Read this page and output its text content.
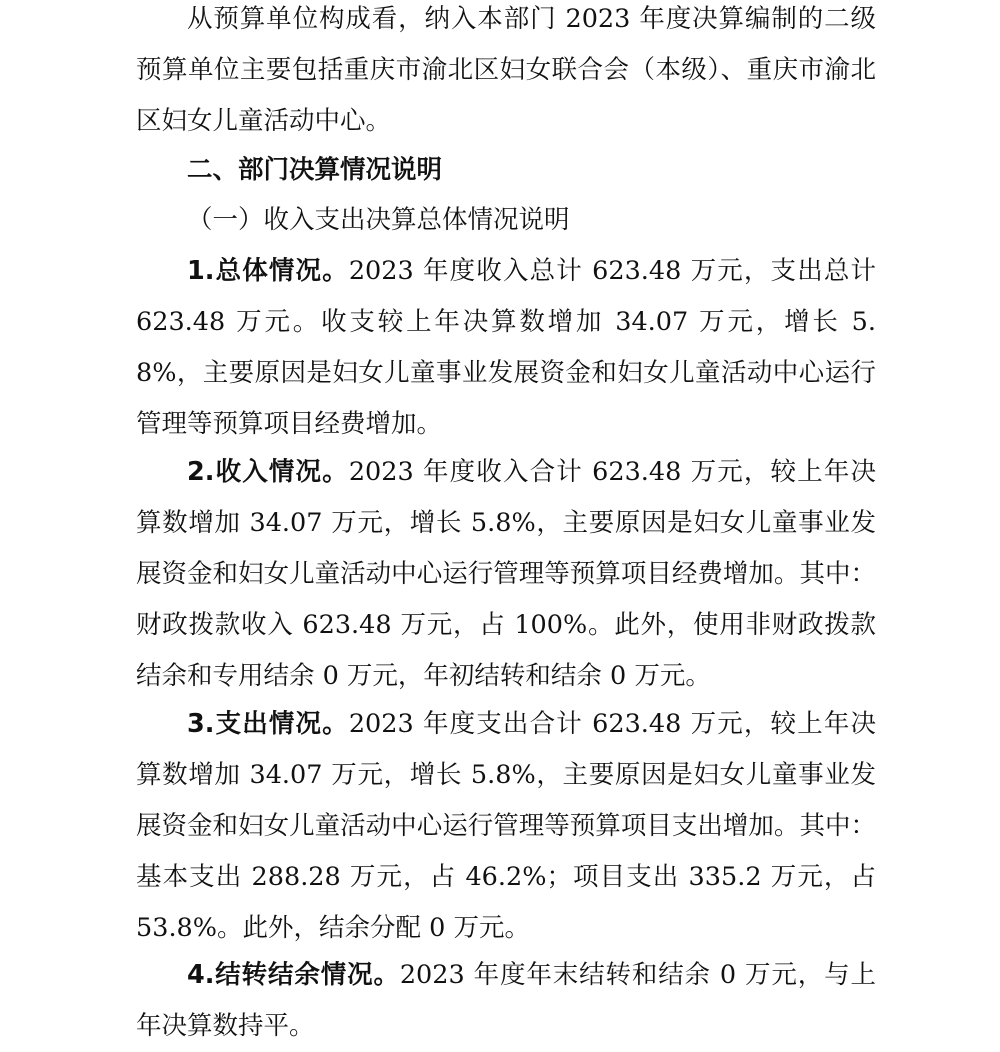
从预算单位构成看，纳入本部门 2023 年度决算编制的二级预算单位主要包括重庆市渝北区妇女联合会（本级）、重庆市渝北区妇女儿童活动中心。

二、部门决算情况说明

（一）收入支出决算总体情况说明

1.总体情况。2023 年度收入总计 623.48 万元，支出总计 623.48 万元。收支较上年决算数增加 34.07 万元，增长 5.8%，主要原因是妇女儿童事业发展资金和妇女儿童活动中心运行管理等预算项目经费增加。

2.收入情况。2023 年度收入合计 623.48 万元，较上年决算数增加 34.07 万元，增长 5.8%，主要原因是妇女儿童事业发展资金和妇女儿童活动中心运行管理等预算项目经费增加。其中：财政拨款收入 623.48 万元，占 100%。此外，使用非财政拨款结余和专用结余 0 万元，年初结转和结余 0 万元。

3.支出情况。2023 年度支出合计 623.48 万元，较上年决算数增加 34.07 万元，增长 5.8%，主要原因是妇女儿童事业发展资金和妇女儿童活动中心运行管理等预算项目支出增加。其中：基本支出 288.28 万元，占 46.2%；项目支出 335.2 万元，占 53.8%。此外，结余分配 0 万元。

4.结转结余情况。2023 年度年末结转和结余 0 万元，与上年决算数持平。
